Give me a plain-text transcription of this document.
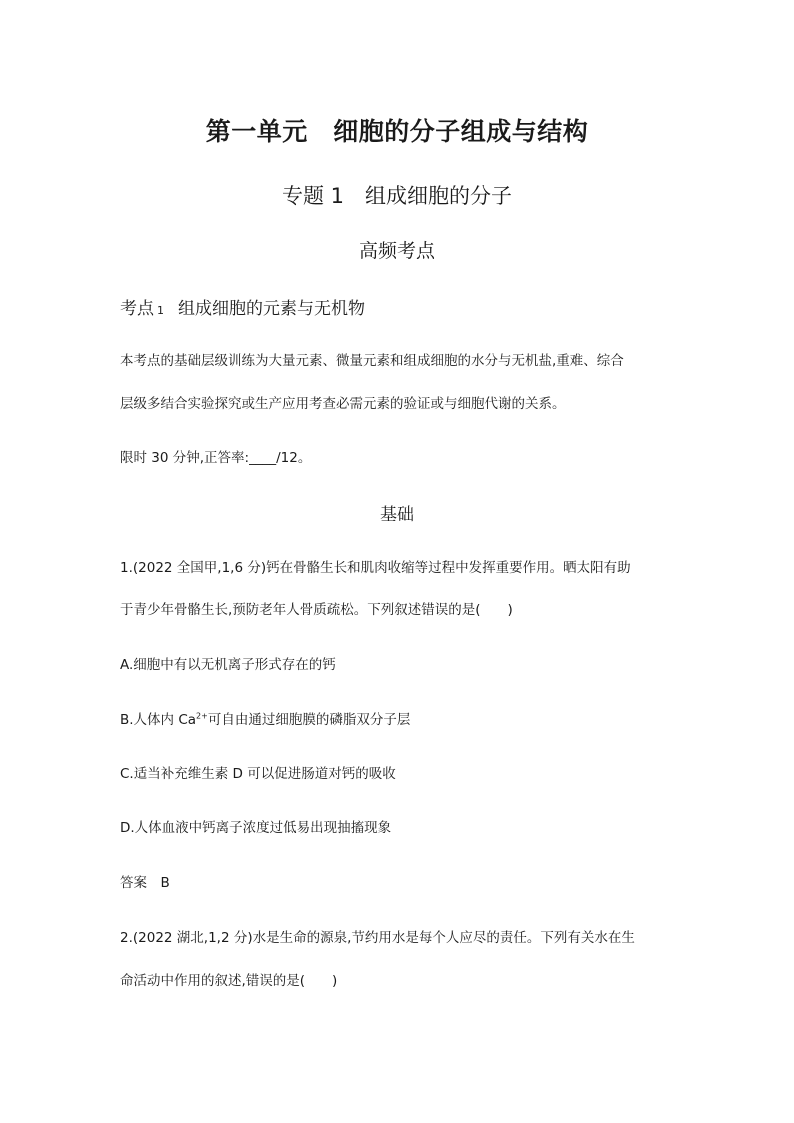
第一单元　细胞的分子组成与结构
专题 1　组成细胞的分子
高频考点
考点 1 组成细胞的元素与无机物
本考点的基础层级训练为大量元素、微量元素和组成细胞的水分与无机盐,重难、综合
层级多结合实验探究或生产应用考查必需元素的验证或与细胞代谢的关系。
限时 30 分钟,正答率:____/12。
基础
1.(2022 全国甲,1,6 分)钙在骨骼生长和肌肉收缩等过程中发挥重要作用。晒太阳有助
于青少年骨骼生长,预防老年人骨质疏松。下列叙述错误的是(　　)
A.细胞中有以无机离子形式存在的钙
B.人体内 $Ca^{2+}$可自由通过细胞膜的磷脂双分子层
C.适当补充维生素 D 可以促进肠道对钙的吸收
D.人体血液中钙离子浓度过低易出现抽搐现象
答案　B
2.(2022 湖北,1,2 分)水是生命的源泉,节约用水是每个人应尽的责任。下列有关水在生
命活动中作用的叙述,错误的是(　　)
